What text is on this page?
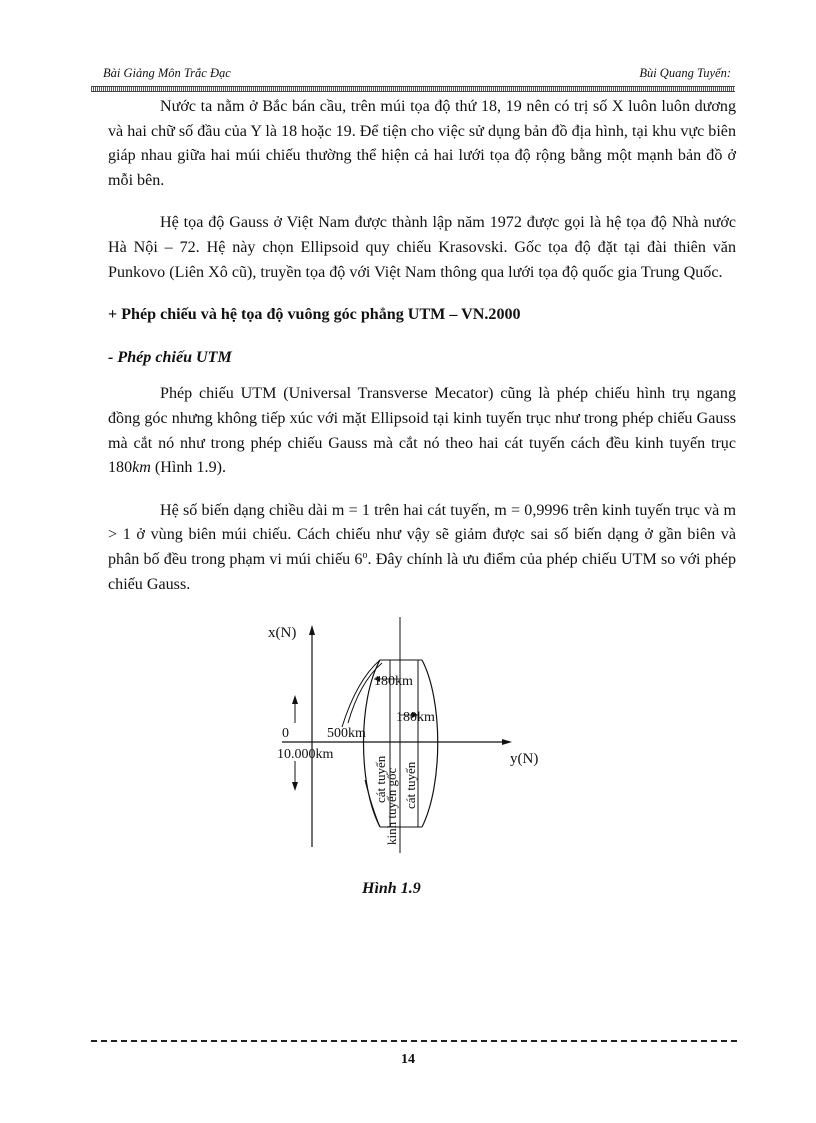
Bài Giảng Môn Trắc Đạc	Bùi Quang Tuyến:

Nước ta nằm ở Bắc bán cầu, trên múi tọa độ thứ 18, 19 nên có trị số X luôn luôn dương và hai chữ số đầu của Y là 18 hoặc 19. Để tiện cho việc sử dụng bản đồ địa hình, tại khu vực biên giáp nhau giữa hai múi chiếu thường thể hiện cả hai lưới tọa độ rộng bằng một mạnh bản đồ ở mỗi bên.

Hệ tọa độ Gauss ở Việt Nam được thành lập năm 1972 được gọi là hệ tọa độ Nhà nước Hà Nội – 72. Hệ này chọn Ellipsoid quy chiếu Krasovski. Gốc tọa độ đặt tại đài thiên văn Punkovo (Liên Xô cũ), truyền tọa độ với Việt Nam thông qua lưới tọa độ quốc gia Trung Quốc.

+ Phép chiếu và hệ tọa độ vuông góc phẳng UTM – VN.2000
- Phép chiếu UTM

Phép chiếu UTM (Universal Transverse Mecator) cũng là phép chiếu hình trụ ngang đồng góc nhưng không tiếp xúc với mặt Ellipsoid tại kinh tuyến trục như trong phép chiếu Gauss mà cắt nó như trong phép chiếu Gauss mà cắt nó theo hai cát tuyến cách đều kinh tuyến trục 180km (Hình 1.9).

Hệ số biến dạng chiều dài m = 1 trên hai cát tuyến, m = 0,9996 trên kinh tuyến trục và m > 1 ở vùng biên múi chiếu. Cách chiếu như vậy sẽ giảm được sai số biến dạng ở gần biên và phân bố đều trong phạm vi múi chiếu 6$^o$. Đây chính là ưu điểm của phép chiếu UTM so với phép chiếu Gauss.

x(N)
y(N)
180km
180km
500km
0
10.000km
cát tuyến
kinh tuyến gốc cát tuyến
Hình 1.9
14
